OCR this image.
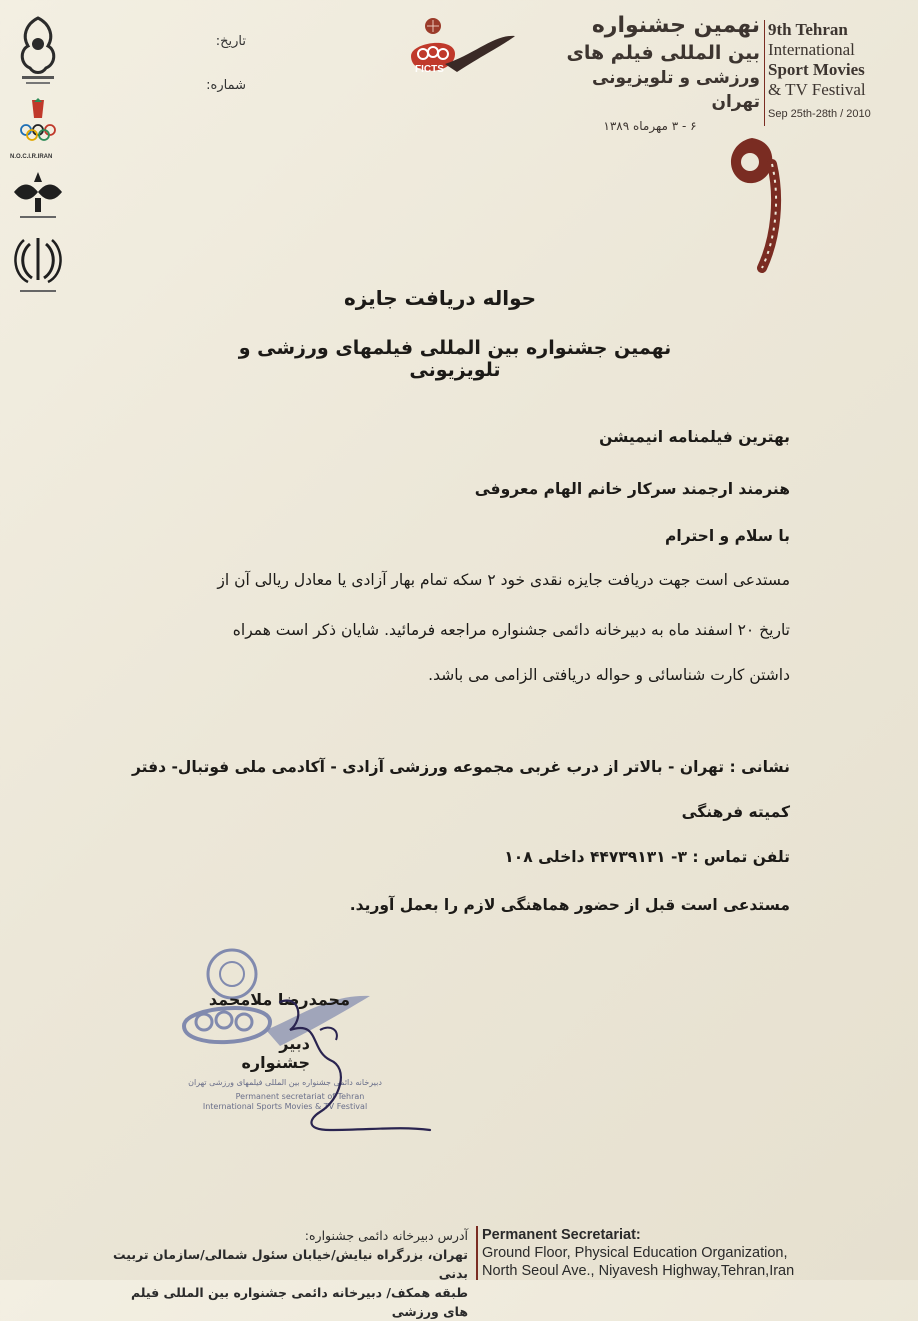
N.O.C.I.R.IRAN
تاریخ:
شماره:
FICTS
نهمین جشنواره
بین المللی فیلم های
ورزشی و تلویزیونی تهران
۶ - ۳ مهرماه ۱۳۸۹
9th Tehran
International
Sport Movies
& TV Festival
Sep 25th-28th / 2010
حواله دریافت جایزه
نهمین جشنواره بین المللی فیلمهای ورزشی و تلویزیونی
بهترین فیلمنامه انیمیشن
هنرمند ارجمند سرکار خانم الهام معروفی
با سلام و احترام
مستدعی است جهت دریافت جایزه نقدی خود ۲ سکه تمام بهار آزادی یا معادل ریالی آن از
تاریخ ۲۰ اسفند ماه به دبیرخانه دائمی جشنواره مراجعه فرمائید. شایان ذکر است همراه
داشتن کارت شناسائی و حواله دریافتی الزامی می باشد.
نشانی : تهران - بالاتر از درب غربی مجموعه ورزشی آزادی - آکادمی ملی فوتبال- دفتر
کمیته فرهنگی
تلفن تماس : ۳- ۴۴۷۳۹۱۳۱ داخلی ۱۰۸
مستدعی است قبل از حضور هماهنگی لازم را بعمل آورید.
دبیرخانه دائمی جشنواره بین المللی فیلمهای ورزشی تهران
Permanent secretariat of Tehran
International Sports Movies & TV Festival
محمدرضا ملامحمد
دبیر جشنواره
آدرس دبیرخانه دائمی جشنواره:
تهران، بزرگراه نیایش/خیابان سئول شمالی/سازمان تربیت بدنی
طبقه همکف/ دبیرخانه دائمی جشنواره بین المللی فیلم های ورزشی
Permanent Secretariat:
Ground Floor, Physical Education Organization,
North Seoul Ave., Niyavesh Highway,Tehran,Iran
